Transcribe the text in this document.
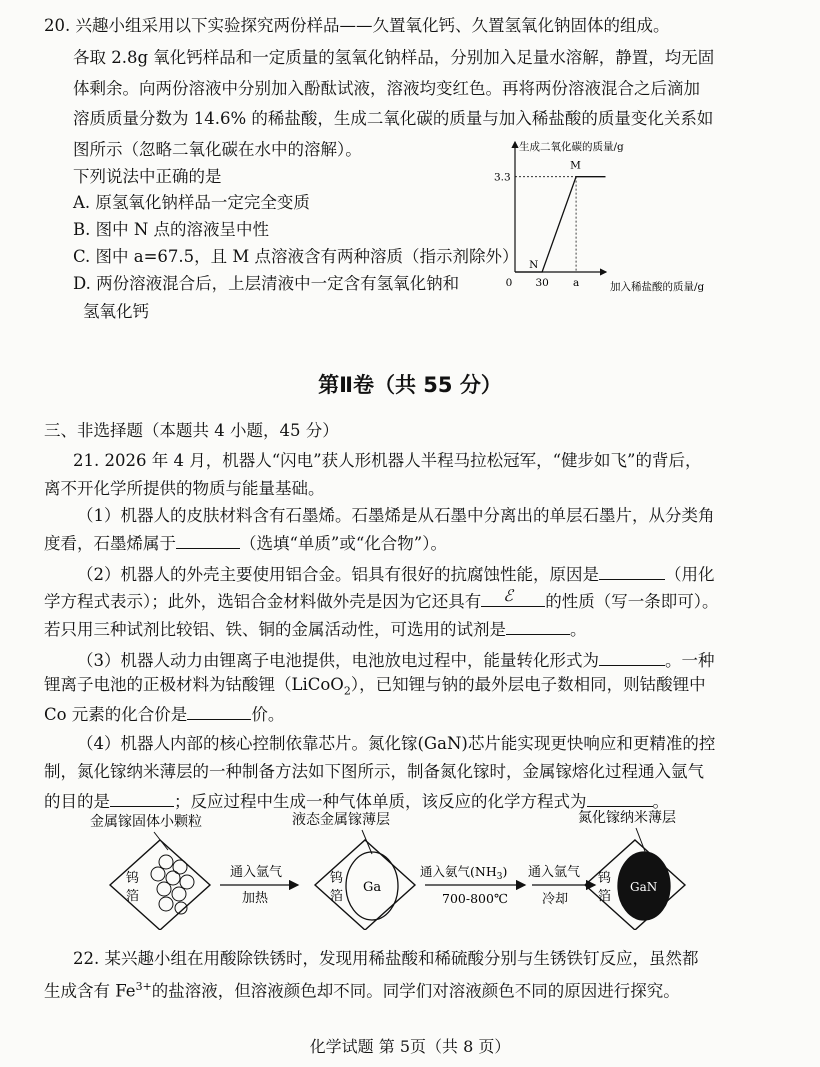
20. 兴趣小组采用以下实验探究两份样品——久置氧化钙、久置氢氧化钠固体的组成。
各取 2.8g 氧化钙样品和一定质量的氢氧化钠样品，分别加入足量水溶解，静置，均无固
体剩余。向两份溶液中分别加入酚酞试液，溶液均变红色。再将两份溶液混合之后滴加
溶质质量分数为 14.6% 的稀盐酸，生成二氧化碳的质量与加入稀盐酸的质量变化关系如
图所示（忽略二氧化碳在水中的溶解）。
下列说法中正确的是
A. 原氢氧化钠样品一定完全变质
B. 图中 N 点的溶液呈中性
C. 图中 a=67.5，且 M 点溶液含有两种溶质（指示剂除外）
D. 两份溶液混合后，上层清液中一定含有氢氧化钠和
氢氧化钙
生成二氧化碳的质量/g
加入稀盐酸的质量/g
0 30 a
3.3
N
M
第Ⅱ卷（共 55 分）
三、非选择题（本题共 4 小题，45 分）
21. 2026 年 4 月，机器人“闪电”获人形机器人半程马拉松冠军，“健步如飞”的背后，
离不开化学所提供的物质与能量基础。
（1）机器人的皮肤材料含有石墨烯。石墨烯是从石墨中分离出的单层石墨片，从分类角
度看，石墨烯属于	（选填“单质”或“化合物”）。
（2）机器人的外壳主要使用铝合金。铝具有很好的抗腐蚀性能，原因是	（用化
学方程式表示）；此外，选铝合金材料做外壳是因为它还具有 ℰ 的性质（写一条即可）。
若只用三种试剂比较铝、铁、铜的金属活动性，可选用的试剂是	。
（3）机器人动力由锂离子电池提供，电池放电过程中，能量转化形式为	。一种
锂离子电池的正极材料为钴酸锂（LiCoO$_2$），已知锂与钠的最外层电子数相同，则钴酸锂中
Co 元素的化合价是	价。
（4）机器人内部的核心控制依靠芯片。氮化镓(GaN)芯片能实现更快响应和更精准的控
制，氮化镓纳米薄层的一种制备方法如下图所示，制备氮化镓时，金属镓熔化过程通入氩气
的目的是	；反应过程中生成一种气体单质，该反应的化学方程式为	。
金属镓固体小颗粒	液态金属镓薄层	氮化镓纳米薄层
钨
箔
通入氩气
加热
Ga
钨
箔
通入氨气$(NH_3)$
700-800℃
通入氩气
冷却
GaN
钨
箔
22. 某兴趣小组在用酸除铁锈时，发现用稀盐酸和稀硫酸分别与生锈铁钉反应，虽然都
生成含有 $Fe^{3+}$的盐溶液，但溶液颜色却不同。同学们对溶液颜色不同的原因进行探究。
化学试题 第 5页（共 8 页）
